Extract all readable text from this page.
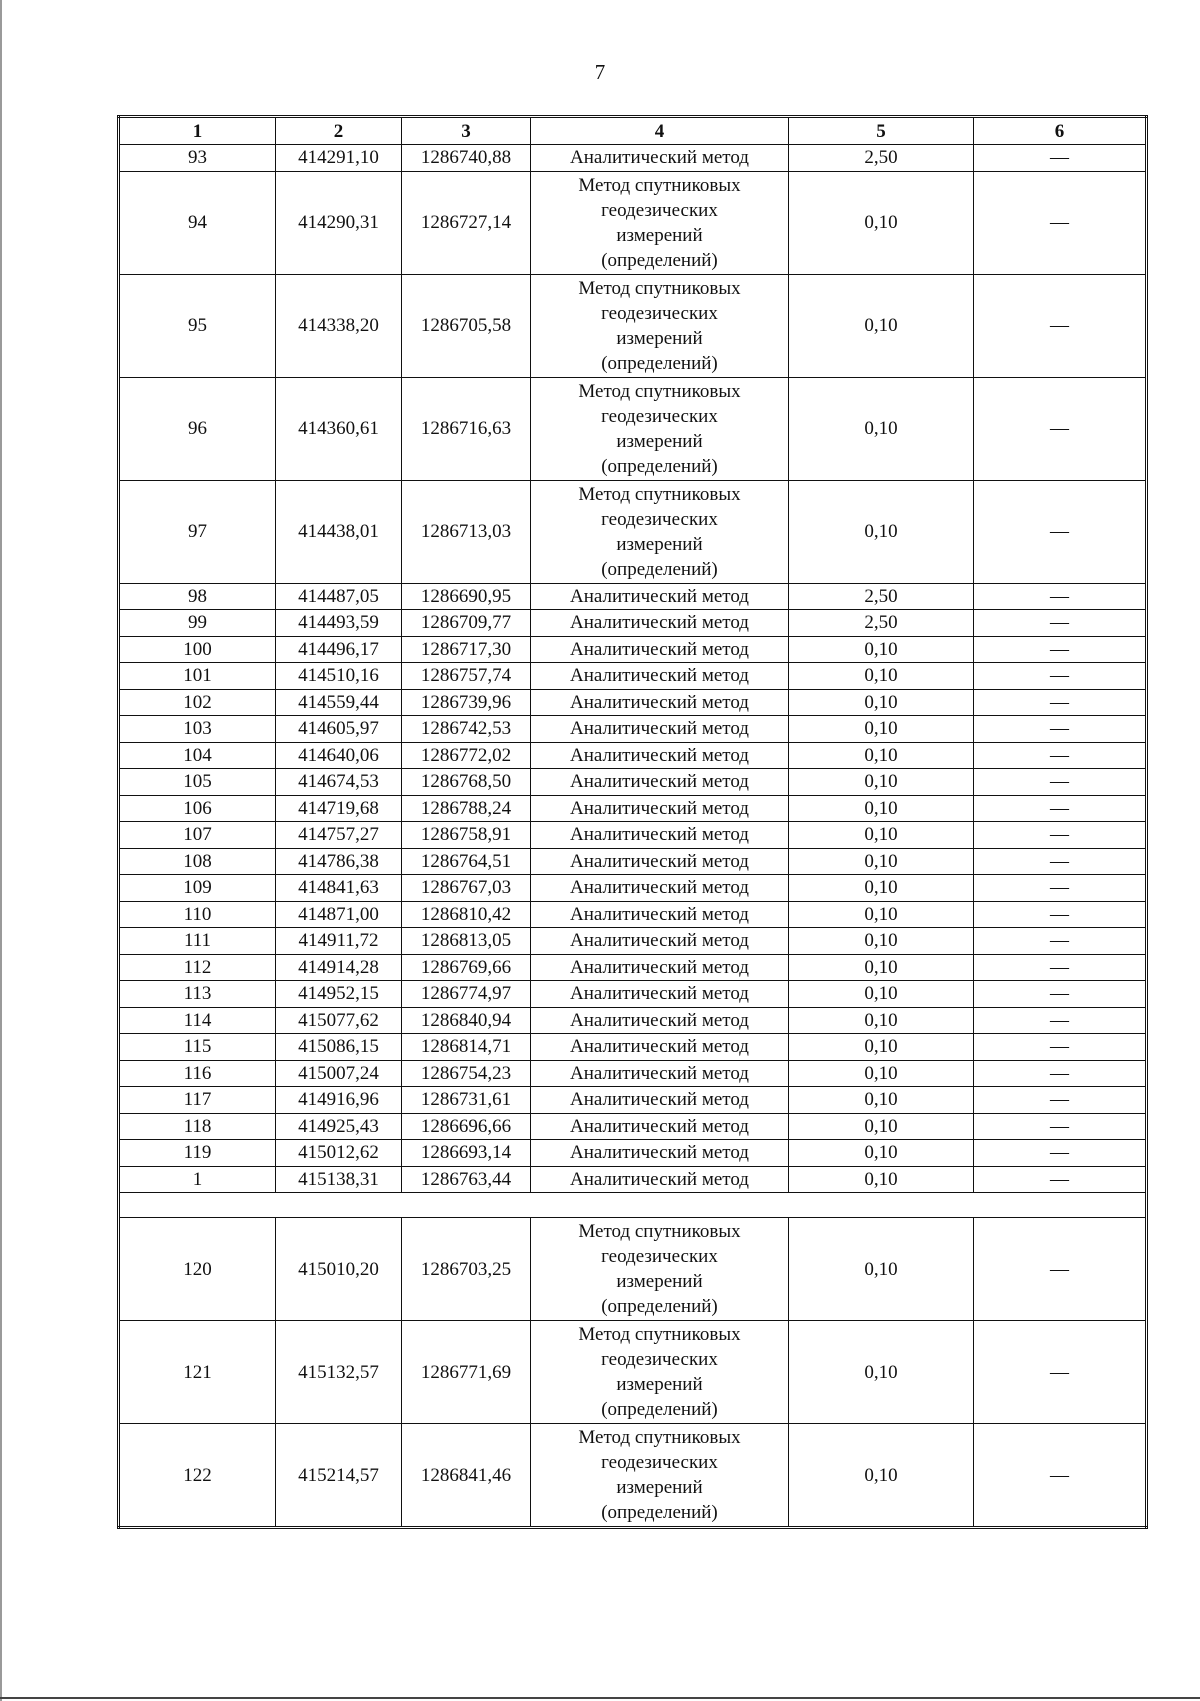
7
1	2	3	4	5	6
93	414291,10	1286740,88	Аналитический метод	2,50	—
94	414290,31	1286727,14	Метод спутниковых
геодезических
измерений
(определений)	0,10	—
95	414338,20	1286705,58	Метод спутниковых
геодезических
измерений
(определений)	0,10	—
96	414360,61	1286716,63	Метод спутниковых
геодезических
измерений
(определений)	0,10	—
97	414438,01	1286713,03	Метод спутниковых
геодезических
измерений
(определений)	0,10	—
98	414487,05	1286690,95	Аналитический метод	2,50	—
99	414493,59	1286709,77	Аналитический метод	2,50	—
100	414496,17	1286717,30	Аналитический метод	0,10	—
101	414510,16	1286757,74	Аналитический метод	0,10	—
102	414559,44	1286739,96	Аналитический метод	0,10	—
103	414605,97	1286742,53	Аналитический метод	0,10	—
104	414640,06	1286772,02	Аналитический метод	0,10	—
105	414674,53	1286768,50	Аналитический метод	0,10	—
106	414719,68	1286788,24	Аналитический метод	0,10	—
107	414757,27	1286758,91	Аналитический метод	0,10	—
108	414786,38	1286764,51	Аналитический метод	0,10	—
109	414841,63	1286767,03	Аналитический метод	0,10	—
110	414871,00	1286810,42	Аналитический метод	0,10	—
111	414911,72	1286813,05	Аналитический метод	0,10	—
112	414914,28	1286769,66	Аналитический метод	0,10	—
113	414952,15	1286774,97	Аналитический метод	0,10	—
114	415077,62	1286840,94	Аналитический метод	0,10	—
115	415086,15	1286814,71	Аналитический метод	0,10	—
116	415007,24	1286754,23	Аналитический метод	0,10	—
117	414916,96	1286731,61	Аналитический метод	0,10	—
118	414925,43	1286696,66	Аналитический метод	0,10	—
119	415012,62	1286693,14	Аналитический метод	0,10	—
1	415138,31	1286763,44	Аналитический метод	0,10	—

120	415010,20	1286703,25	Метод спутниковых
геодезических
измерений
(определений)	0,10	—
121	415132,57	1286771,69	Метод спутниковых
геодезических
измерений
(определений)	0,10	—
122	415214,57	1286841,46	Метод спутниковых
геодезических
измерений
(определений)	0,10	—
